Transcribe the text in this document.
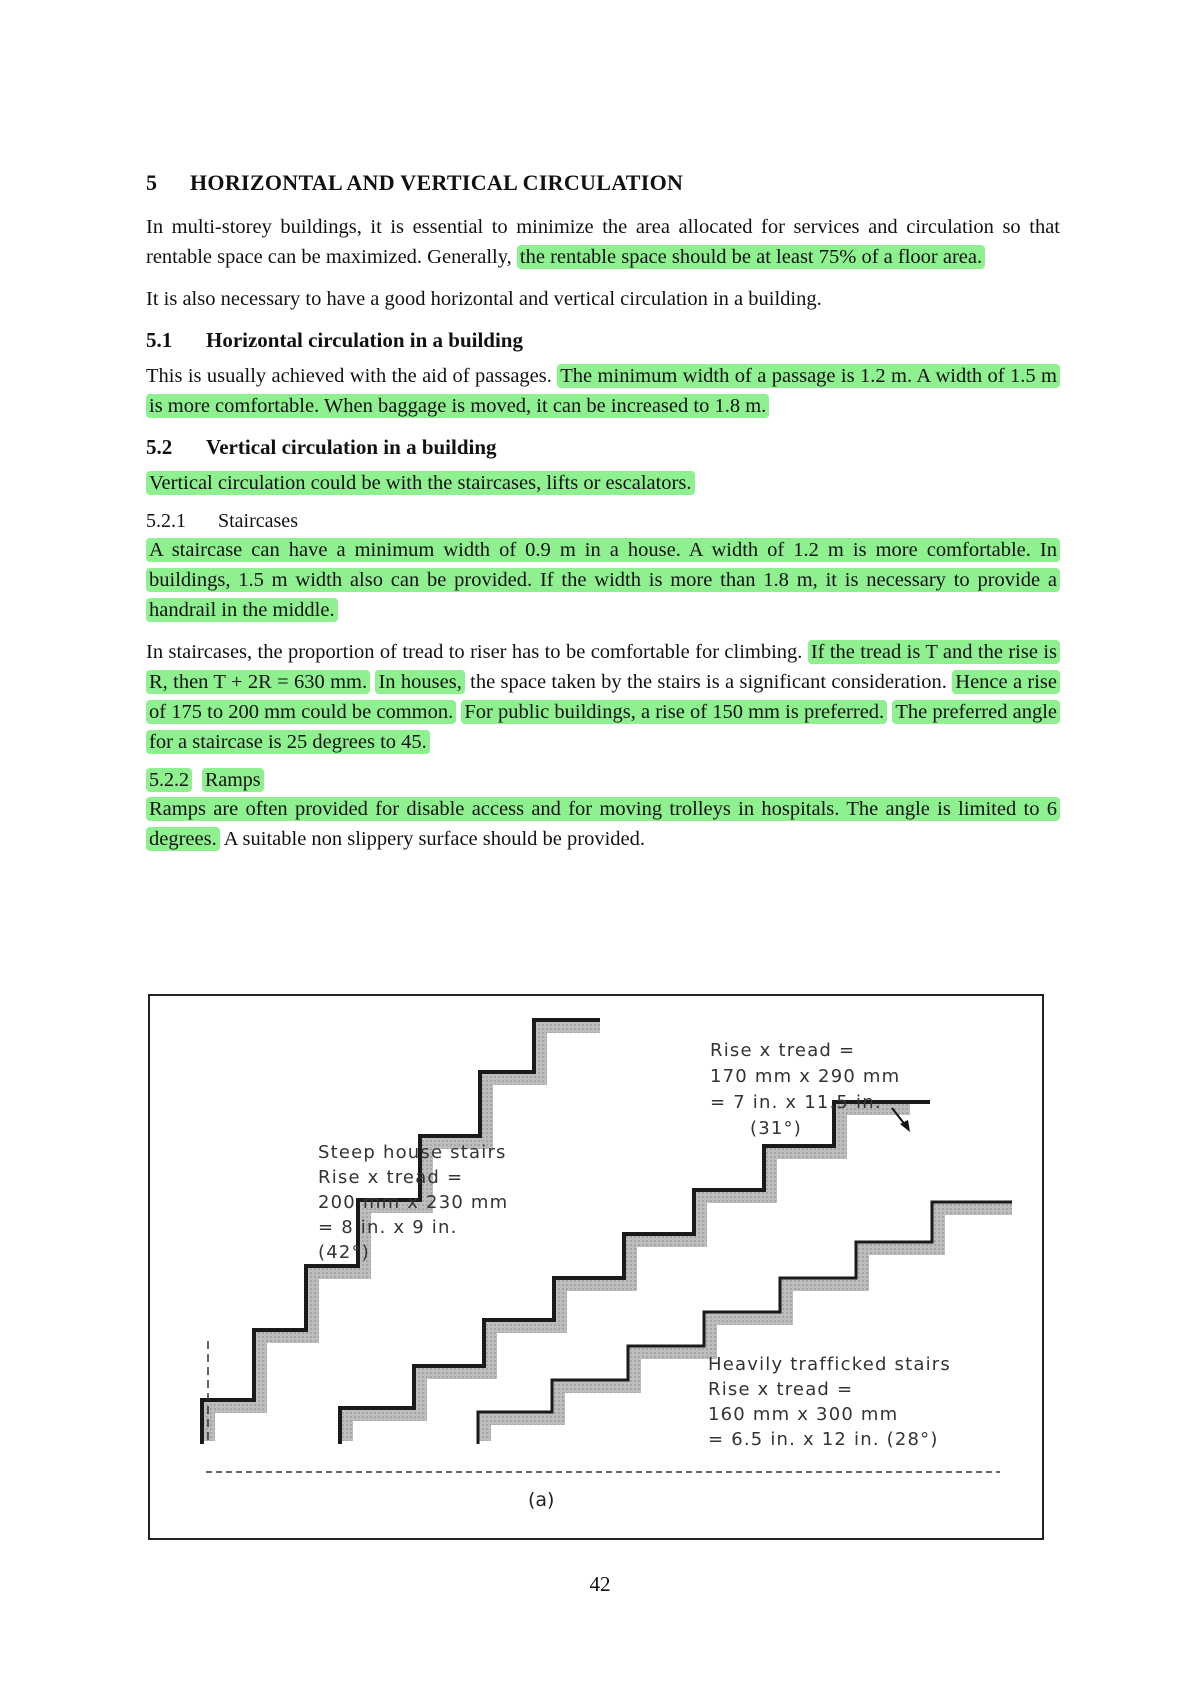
5 HORIZONTAL AND VERTICAL CIRCULATION

In multi-storey buildings, it is essential to minimize the area allocated for services and circulation so that rentable space can be maximized. Generally, the rentable space should be at least 75% of a floor area.

It is also necessary to have a good horizontal and vertical circulation in a building.

5.1 Horizontal circulation in a building

This is usually achieved with the aid of passages. The minimum width of a passage is 1.2 m. A width of 1.5 m is more comfortable. When baggage is moved, it can be increased to 1.8 m.

5.2 Vertical circulation in a building

Vertical circulation could be with the staircases, lifts or escalators.

5.2.1 Staircases

A staircase can have a minimum width of 0.9 m in a house. A width of 1.2 m is more comfortable. In buildings, 1.5 m width also can be provided. If the width is more than 1.8 m, it is necessary to provide a handrail in the middle.

In staircases, the proportion of tread to riser has to be comfortable for climbing. If the tread is T and the rise is R, then T + 2R = 630 mm. In houses, the space taken by the stairs is a significant consideration. Hence a rise of 175 to 200 mm could be common. For public buildings, a rise of 150 mm is preferred. The preferred angle for a staircase is 25 degrees to 45.

5.2.2 Ramps

Ramps are often provided for disable access and for moving trolleys in hospitals. The angle is limited to 6 degrees. A suitable non slippery surface should be provided.

Steep house stairs
Rise x tread =
200 mm x 230 mm
= 8 in. x 9 in.
(42°)
Rise x tread =
170 mm x 290 mm
= 7 in. x 11.5 in.
(31°)
Heavily trafficked stairs
Rise x tread =
160 mm x 300 mm
= 6.5 in. x 12 in. (28°)
(a)
42
